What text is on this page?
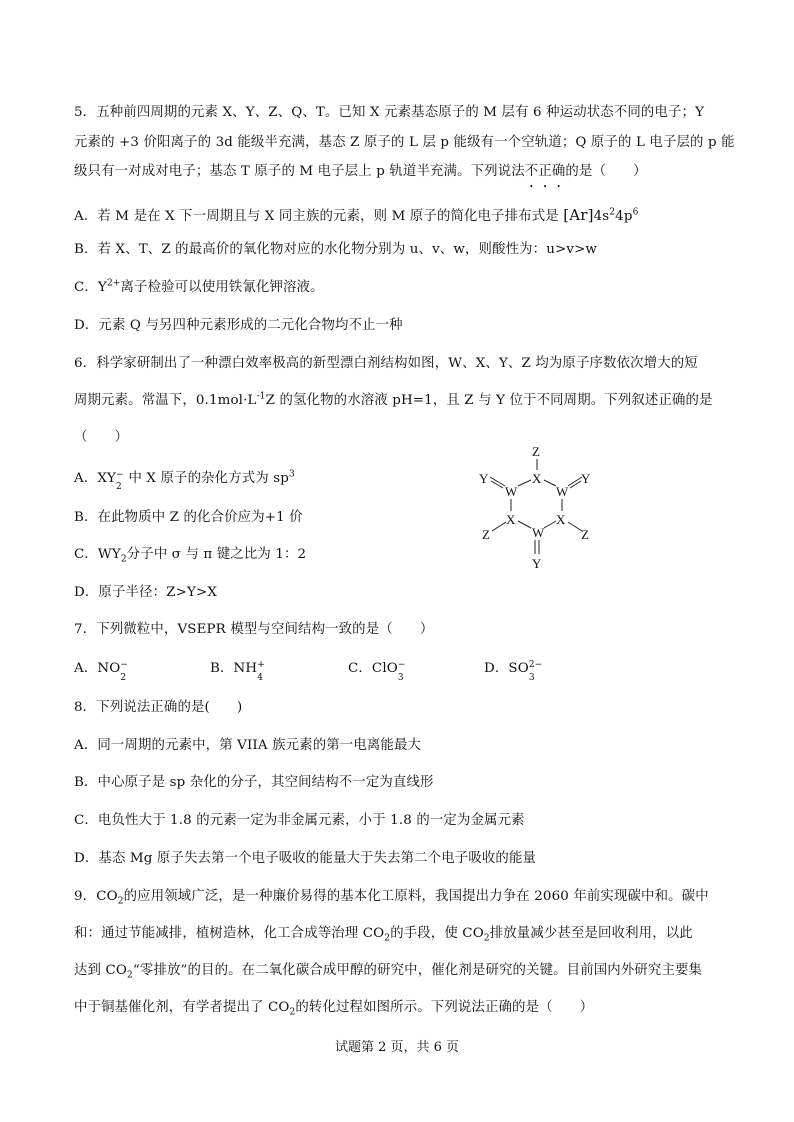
5．五种前四周期的元素 X、Y、Z、Q、T。已知 X 元素基态原子的 M 层有 6 种运动状态不同的电子；Y
元素的 +3 价阳离子的 3d 能级半充满，基态 Z 原子的 L 层 p 能级有一个空轨道；Q 原子的 L 电子层的 p 能
级只有一对成对电子；基态 T 原子的 M 电子层上 p 轨道半充满。下列说法不正确的是（　　）
A．若 M 是在 X 下一周期且与 X 同主族的元素，则 M 原子的简化电子排布式是 $[Ar]4s^24p^6$
B．若 X、T、Z 的最高价的氧化物对应的水化物分别为 u、v、w，则酸性为：u>v>w
C．$Y^{2+}$离子检验可以使用铁氰化钾溶液。
D．元素 Q 与另四种元素形成的二元化合物均不止一种
6．科学家研制出了一种漂白效率极高的新型漂白剂结构如图，W、X、Y、Z 均为原子序数依次增大的短
周期元素。常温下，$0.1mol\cdot L^{-1}Z$ 的氢化物的水溶液 pH=1，且 Z 与 Y 位于不同周期。下列叙述正确的是
（　　）
A．XY −
2
中 X 原子的杂化方式为 $sp^3$
B．在此物质中 Z 的化合价应为+1 价
C．$WY_2$分子中 σ 与 π 键之比为 1：2
D．原子半径：Z>Y>X
Z
X
W	W
Y	Y
X	X
W
Z	Z
Y
7．下列微粒中，VSEPR 模型与空间结构一致的是（　　）
A．NO −
2
B．NH +
4
C．ClO −
3
D．SO 2−
3
8．下列说法正确的是(　　)
A．同一周期的元素中，第 VIIA 族元素的第一电离能最大
B．中心原子是 sp 杂化的分子，其空间结构不一定为直线形
C．电负性大于 1.8 的元素一定为非金属元素，小于 1.8 的一定为金属元素
D．基态 Mg 原子失去第一个电子吸收的能量大于失去第二个电子吸收的能量
9．$CO_2$的应用领域广泛，是一种廉价易得的基本化工原料，我国提出力争在 2060 年前实现碳中和。碳中
和：通过节能减排，植树造林，化工合成等治理 $CO_2$的手段，使 $CO_2$排放量减少甚至是回收利用，以此
达到 $CO_2“$零排放”的目的。在二氧化碳合成甲醇的研究中，催化剂是研究的关键。目前国内外研究主要集
中于铜基催化剂，有学者提出了 $CO_2$的转化过程如图所示。下列说法正确的是（　　）
试题第 2 页，共 6 页
